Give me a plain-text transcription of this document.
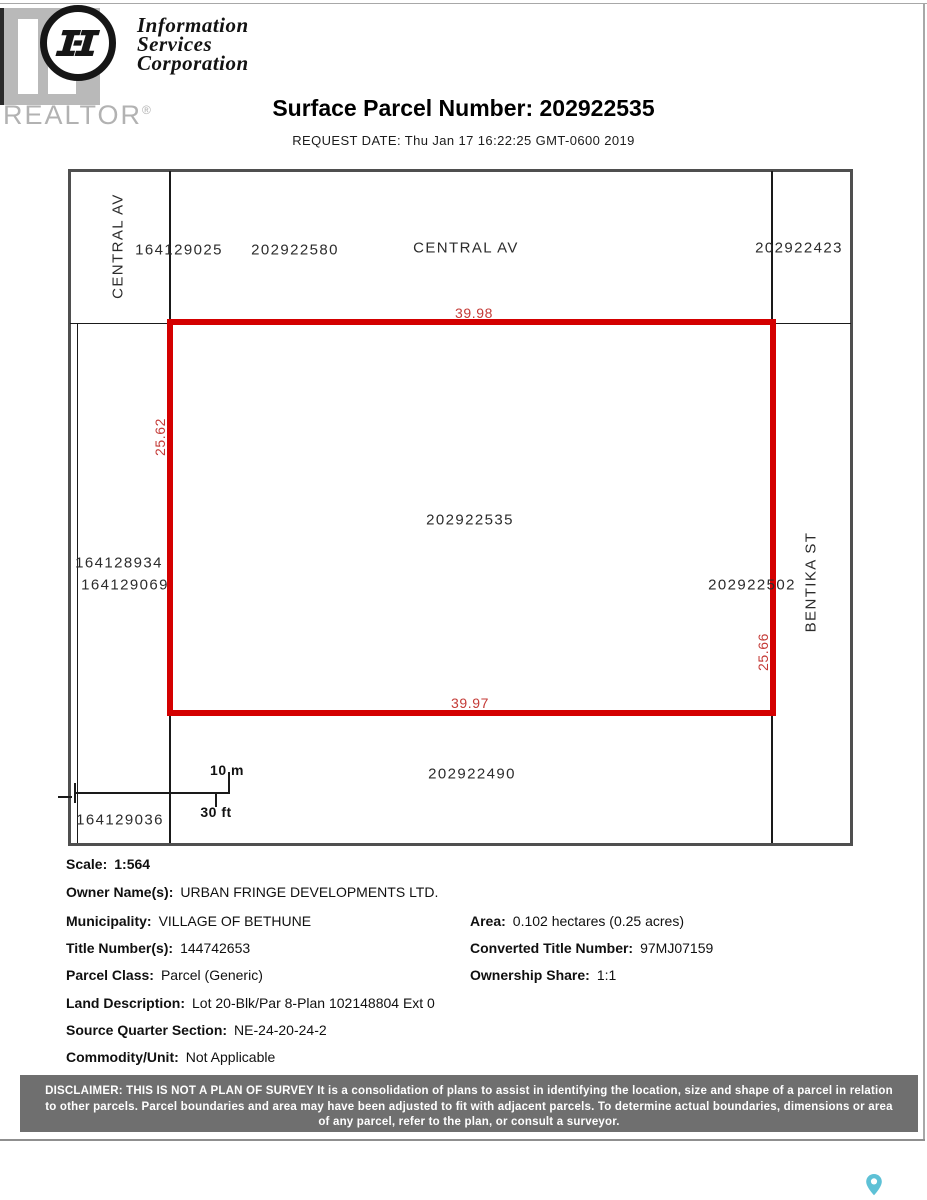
REALTOR®
Information
Services
Corporation
Surface Parcel Number: 202922535
REQUEST DATE: Thu Jan 17 16:22:25 GMT-0600 2019
10 m
30 ft
CENTRAL AV 164129025 202922580	CENTRAL AV	202922423
39.98
25.62
202922535
164128934
164129069	202922502 BENTIKA ST
25.66
39.97
202922490
164129036
Scale: 1:564
Owner Name(s): URBAN FRINGE DEVELOPMENTS LTD.
Municipality: VILLAGE OF BETHUNE	Area: 0.102 hectares (0.25 acres)
Title Number(s): 144742653	Converted Title Number: 97MJ07159
Parcel Class: Parcel (Generic)	Ownership Share: 1:1
Land Description: Lot 20-Blk/Par 8-Plan 102148804 Ext 0
Source Quarter Section: NE-24-20-24-2
Commodity/Unit: Not Applicable
DISCLAIMER: THIS IS NOT A PLAN OF SURVEY It is a consolidation of plans to assist in identifying the location, size and shape of a parcel in relation to other parcels. Parcel boundaries and area may have been adjusted to fit with adjacent parcels. To determine actual boundaries, dimensions or area of any parcel, refer to the plan, or consult a surveyor.
